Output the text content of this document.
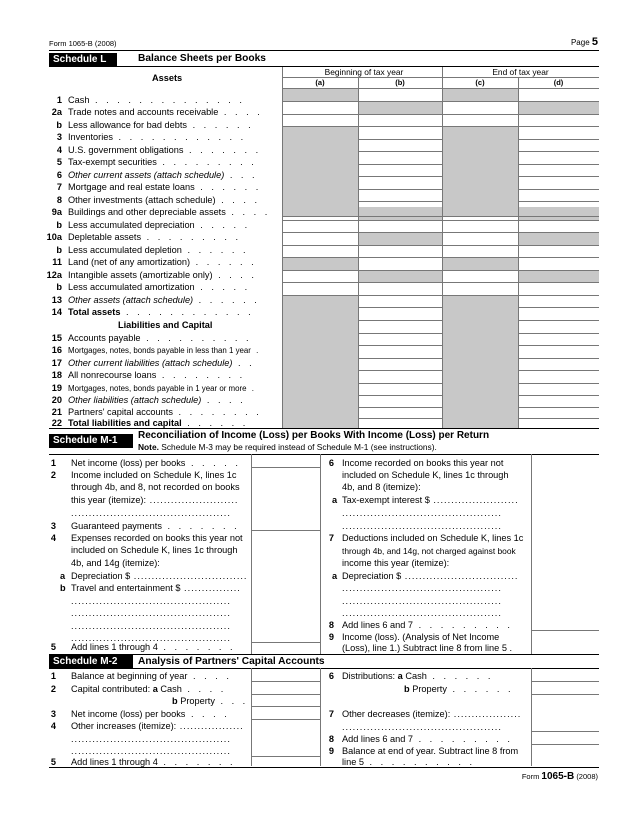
Form 1065-B (2008)	Page 5
Schedule L	Balance Sheets per Books
Assets
Beginning of tax year	End of tax year
(a)	(b)	(c)	(d)
1 Cash . . . . . . . . . . . . . .
2a Trade notes and accounts receivable . . . .
b Less allowance for bad debts . . . . . .
3 Inventories . . . . . . . . . . . .
4 U.S. government obligations . . . . . . .
5 Tax-exempt securities . . . . . . . . .
6 Other current assets (attach schedule) . . .
7 Mortgage and real estate loans . . . . . .
8 Other investments (attach schedule) . . . .
9a Buildings and other depreciable assets . . . .
b Less accumulated depreciation . . . . .
10a Depletable assets . . . . . . . . .
b Less accumulated depletion . . . . . .
11 Land (net of any amortization) . . . . . .
12a Intangible assets (amortizable only) . . . .
b Less accumulated amortization . . . . .
13 Other assets (attach schedule) . . . . . .
14 Total assets . . . . . . . . . . . .
Liabilities and Capital
15 Accounts payable . . . . . . . . . .
16 Mortgages, notes, bonds payable in less than 1 year .
17 Other current liabilities (attach schedule) . .
18 All nonrecourse loans . . . . . . . .
19 Mortgages, notes, bonds payable in 1 year or more .
20 Other liabilities (attach schedule) . . . .
21 Partners' capital accounts . . . . . . . .
22 Total liabilities and capital . . . . . .
Schedule M-1	Reconciliation of Income (Loss) per Books With Income (Loss) per Return
Note. Schedule M-3 may be required instead of Schedule M-1 (see instructions).
1 Net income (loss) per books . . . . .
2 Income included on Schedule K, lines 1c
through 4b, and 8, not recorded on books
this year (itemize): .........................
.............................................
3 Guaranteed payments . . . . . . .
4 Expenses recorded on books this year not
included on Schedule K, lines 1c through
4b, and 14g (itemize):
a Depreciation $ ................................
b Travel and entertainment $ ................
.............................................
.............................................
.............................................
.............................................
5 Add lines 1 through 4 . . . . . . .
6 Income recorded on books this year not
included on Schedule K, lines 1c through
4b, and 8 (itemize):
a Tax-exempt interest $ ........................
.............................................
.............................................
7 Deductions included on Schedule K, lines 1c
through 4b, and 14g, not charged against book
income this year (itemize):
a Depreciation $ ................................
.............................................
.............................................
.............................................
8 Add lines 6 and 7 . . . . . . . . .
9 Income (loss). (Analysis of Net Income
(Loss), line 1.) Subtract line 8 from line 5 .
Schedule M-2	Analysis of Partners' Capital Accounts
1 Balance at beginning of year . . . .
2 Capital contributed: a Cash . . . .
b Property . . .
3 Net income (loss) per books . . . .
4 Other increases (itemize): ..................
.............................................
.............................................
5 Add lines 1 through 4 . . . . . . .
6 Distributions: a Cash . . . . . .
b Property . . . . . .
7 Other decreases (itemize): ...................
.............................................
8 Add lines 6 and 7 . . . . . . . . .
9 Balance at end of year. Subtract line 8 from
line 5 . . . . . . . . . .
Form 1065-B (2008)
